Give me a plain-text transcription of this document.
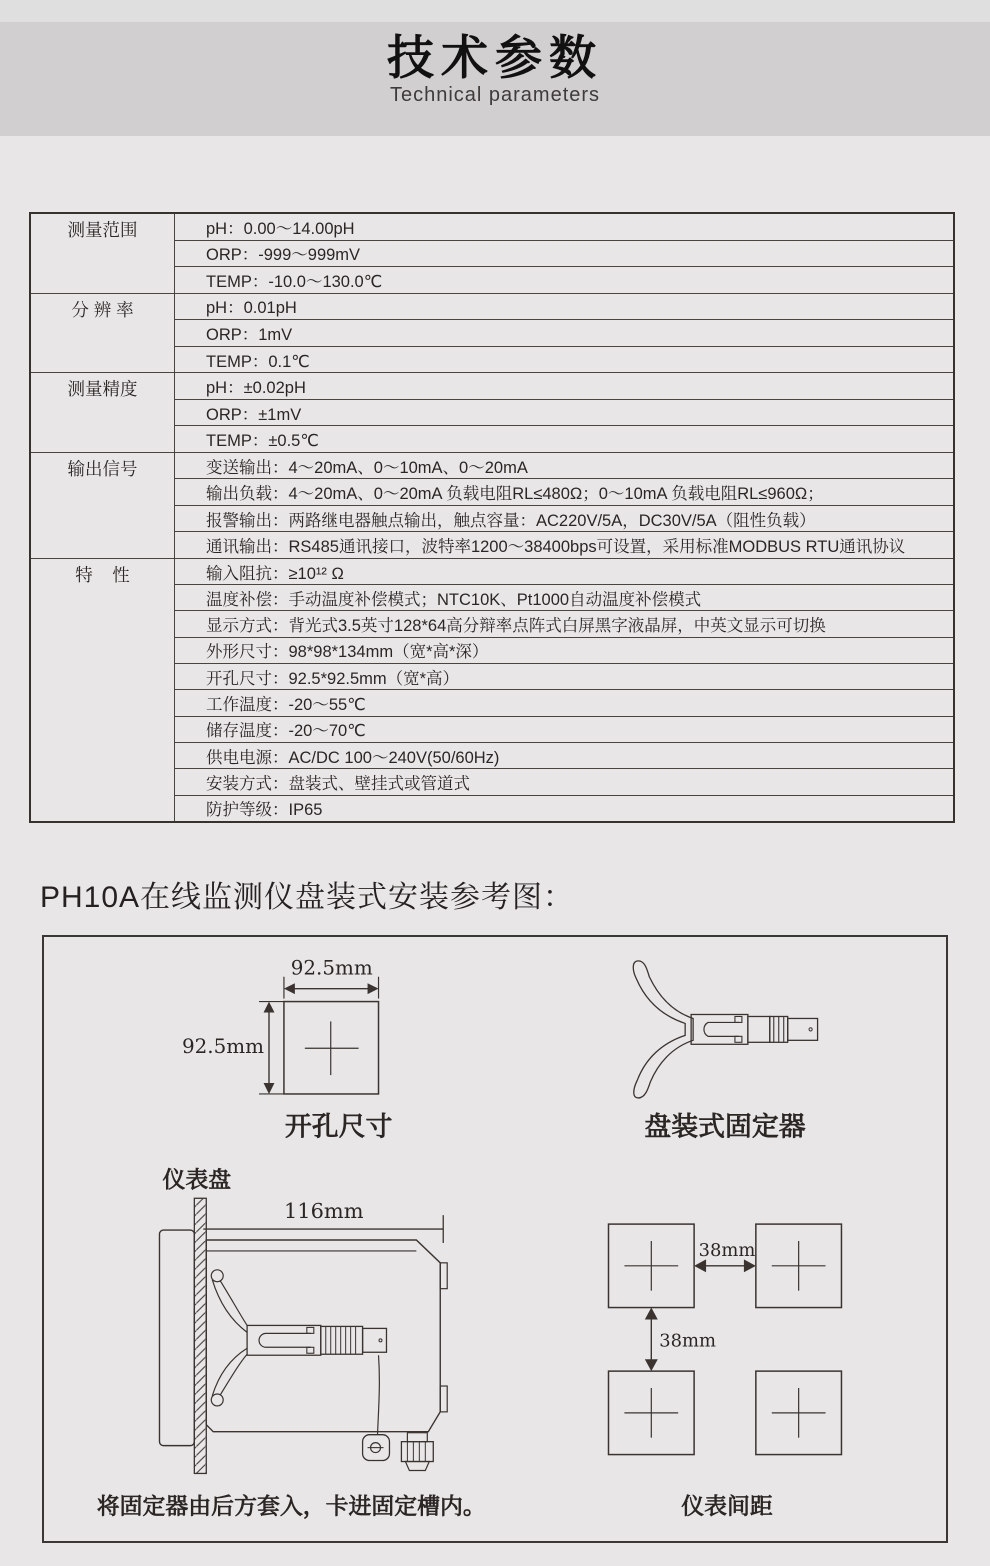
技术参数

Technical parameters

测量范围	pH：0.00～14.00pH
ORP：-999～999mV
TEMP：-10.0～130.0℃
分 辨 率	pH：0.01pH
ORP：1mV
TEMP：0.1℃
测量精度	pH：±0.02pH
ORP：±1mV
TEMP：±0.5℃
输出信号	变送输出：4～20mA、0～10mA、0～20mA
输出负载：4～20mA、0～20mA 负载电阻RL≤480Ω；0～10mA 负载电阻RL≤960Ω；
报警输出：两路继电器触点输出，触点容量：AC220V/5A，DC30V/5A（阻性负载）
通讯输出：RS485通讯接口，波特率1200～38400bps可设置，采用标准MODBUS RTU通讯协议
特    性	输入阻抗：≥10¹² Ω
温度补偿：手动温度补偿模式；NTC10K、Pt1000自动温度补偿模式
显示方式：背光式3.5英寸128*64高分辩率点阵式白屏黑字液晶屏，中英文显示可切换
外形尺寸：98*98*134mm（宽*高*深）
开孔尺寸：92.5*92.5mm（宽*高）
工作温度：-20～55℃
储存温度：-20～70℃
供电电源：AC/DC 100～240V(50/60Hz)
安装方式：盘装式、壁挂式或管道式
防护等级：IP65
PH10A在线监测仪盘装式安装参考图：
92.5mm
92.5mm
开孔尺寸	盘装式固定器
仪表盘
116mm
将固定器由后方套入，卡进固定槽内。
38mm
38mm
仪表间距
